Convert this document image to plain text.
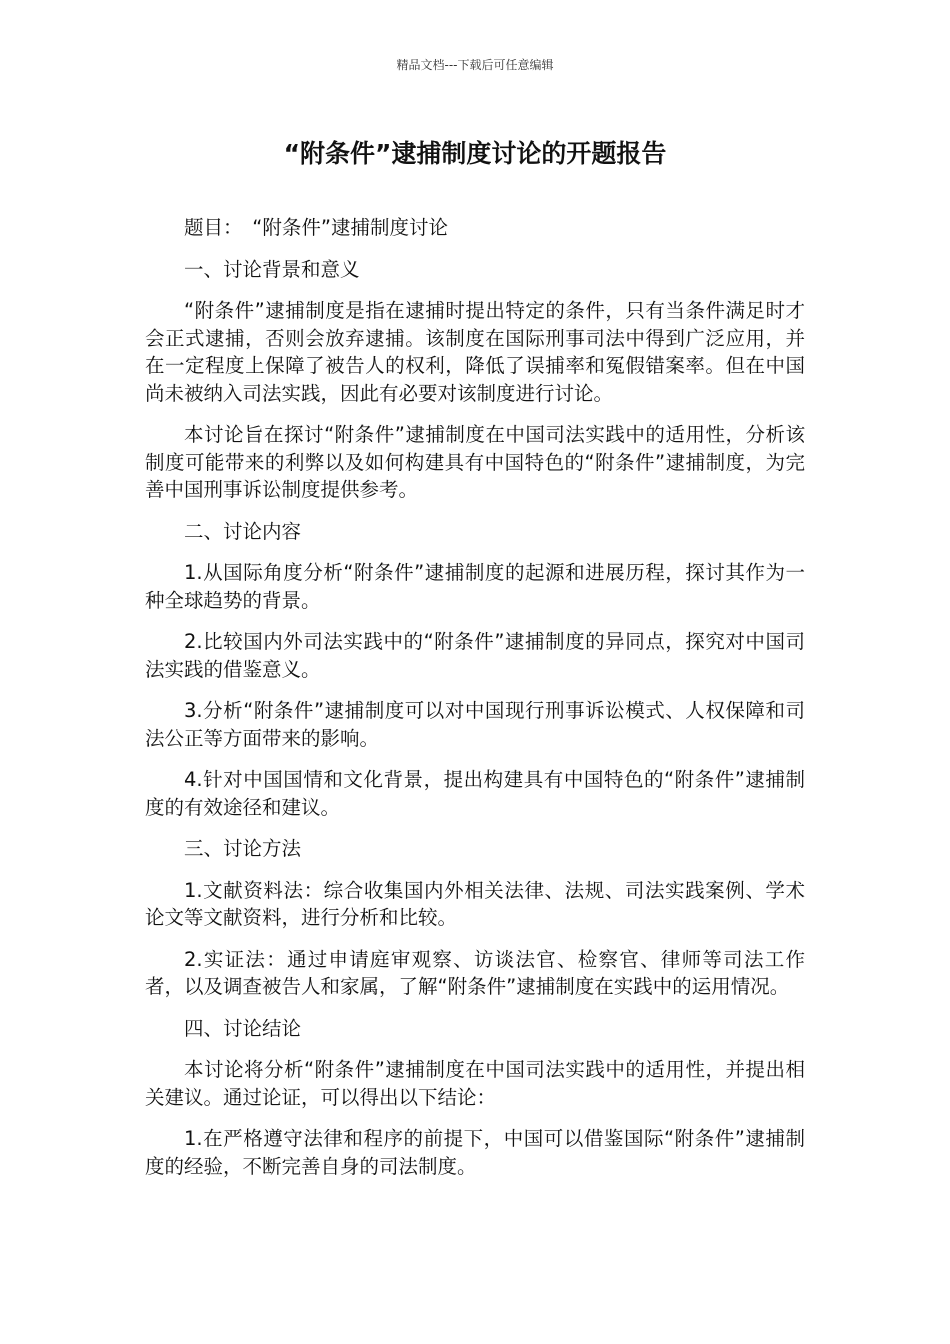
精品文档---下载后可任意编辑
“附条件”逮捕制度讨论的开题报告

题目：　“附条件”逮捕制度讨论

一、讨论背景和意义

“附条件”逮捕制度是指在逮捕时提出特定的条件，只有当条件满足时才会正式逮捕，否则会放弃逮捕。该制度在国际刑事司法中得到广泛应用，并在一定程度上保障了被告人的权利，降低了误捕率和冤假错案率。但在中国尚未被纳入司法实践，因此有必要对该制度进行讨论。

本讨论旨在探讨“附条件”逮捕制度在中国司法实践中的适用性，分析该制度可能带来的利弊以及如何构建具有中国特色的“附条件”逮捕制度，为完善中国刑事诉讼制度提供参考。

二、讨论内容

1.从国际角度分析“附条件”逮捕制度的起源和进展历程，探讨其作为一种全球趋势的背景。

2.比较国内外司法实践中的“附条件”逮捕制度的异同点，探究对中国司法实践的借鉴意义。

3.分析“附条件”逮捕制度可以对中国现行刑事诉讼模式、人权保障和司法公正等方面带来的影响。

4.针对中国国情和文化背景，提出构建具有中国特色的“附条件”逮捕制度的有效途径和建议。

三、讨论方法

1.文献资料法：综合收集国内外相关法律、法规、司法实践案例、学术论文等文献资料，进行分析和比较。

2.实证法：通过申请庭审观察、访谈法官、检察官、律师等司法工作者，以及调查被告人和家属，了解“附条件”逮捕制度在实践中的运用情况。

四、讨论结论

本讨论将分析“附条件”逮捕制度在中国司法实践中的适用性，并提出相关建议。通过论证，可以得出以下结论：

1.在严格遵守法律和程序的前提下，中国可以借鉴国际“附条件”逮捕制度的经验，不断完善自身的司法制度。
